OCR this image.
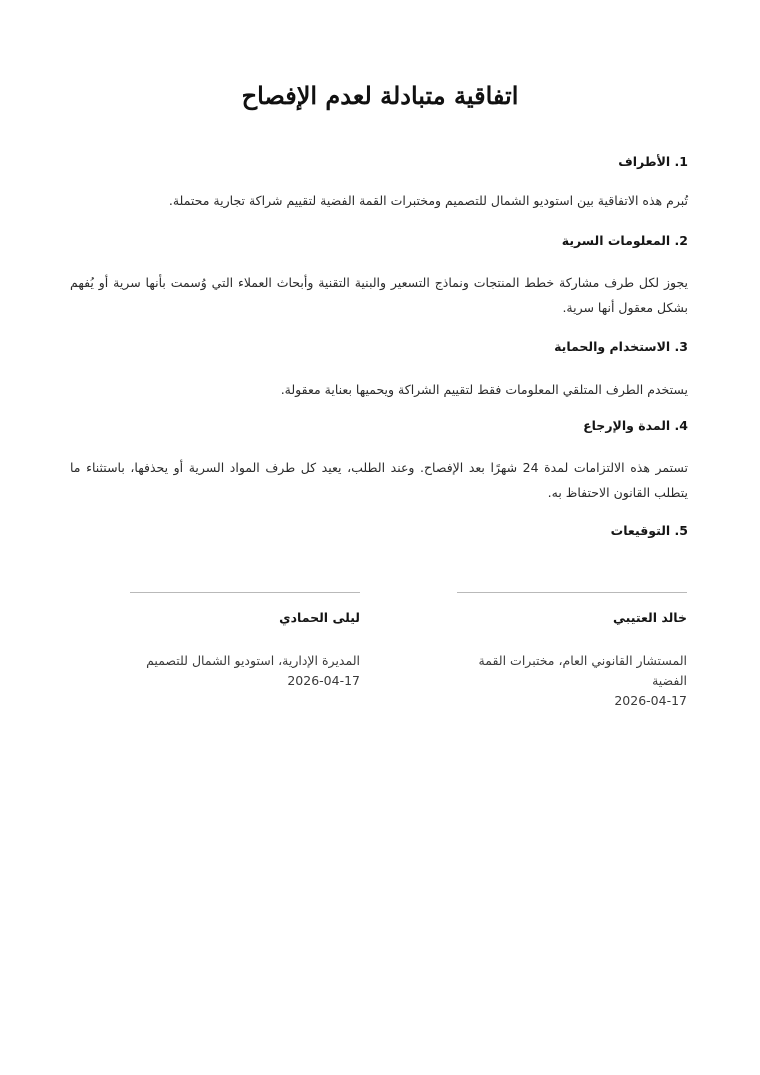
اتفاقية متبادلة لعدم الإفصاح
1. الأطراف

تُبرم هذه الاتفاقية بين استوديو الشمال للتصميم ومختبرات القمة الفضية لتقييم شراكة تجارية محتملة.

2. المعلومات السرية

يجوز لكل طرف مشاركة خطط المنتجات ونماذج التسعير والبنية التقنية وأبحاث العملاء التي وُسمت بأنها سرية أو يُفهم بشكل معقول أنها سرية.

3. الاستخدام والحماية

يستخدم الطرف المتلقي المعلومات فقط لتقييم الشراكة ويحميها بعناية معقولة.

4. المدة والإرجاع

تستمر هذه الالتزامات لمدة 24 شهرًا بعد الإفصاح. وعند الطلب، يعيد كل طرف المواد السرية أو يحذفها، باستثناء ما يتطلب القانون الاحتفاظ به.

5. التوقيعات
خالد العتيبي
المستشار القانوني العام، مختبرات القمة الفضية
2026-04-17
ليلى الحمادي
المديرة الإدارية، استوديو الشمال للتصميم
2026-04-17
